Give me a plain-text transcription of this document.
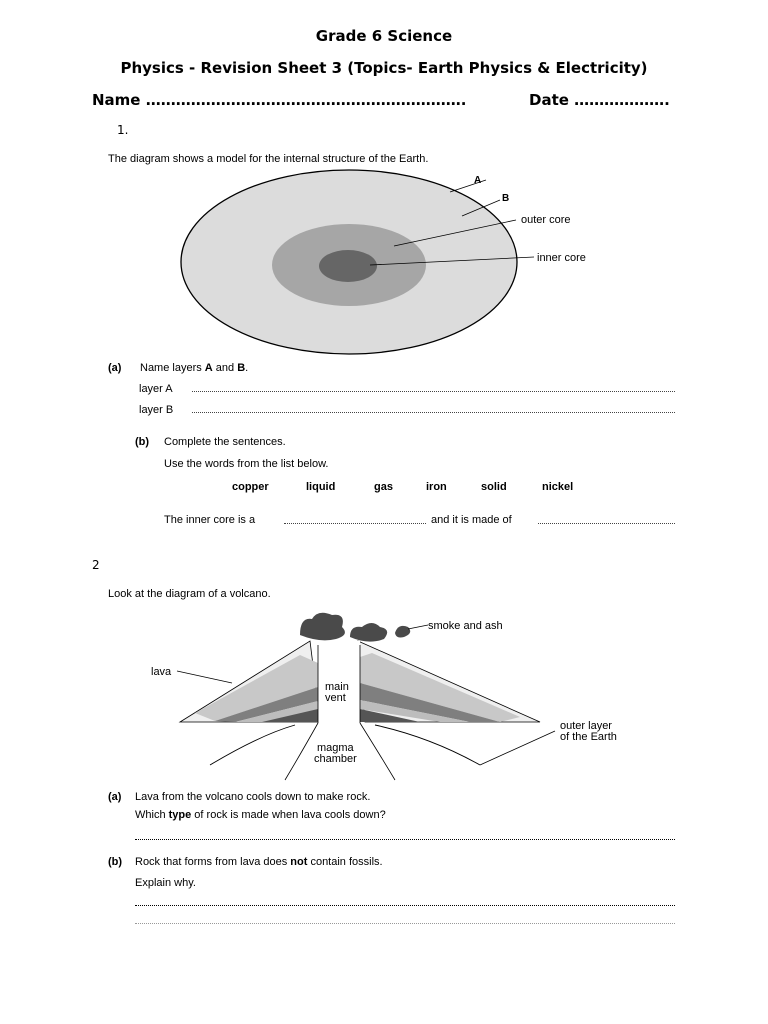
Grade 6 Science
Physics - Revision Sheet 3 (Topics- Earth Physics & Electricity)
Name ……………………………………………………….	Date ……………….
1.
The diagram shows a model for the internal structure of the Earth.
A
B
outer core
inner core
(a) Name layers A and B.
layer A
layer B
(b) Complete the sentences.
Use the words from the list below.
copper	liquid	gas	iron	solid	nickel
The inner core is a	and it is made of
2
Look at the diagram of a volcano.
smoke and ash
lava
main
vent
magma
chamber
outer layer
of the Earth
(a) Lava from the volcano cools down to make rock.
Which type of rock is made when lava cools down?
(b) Rock that forms from lava does not contain fossils.
Explain why.
